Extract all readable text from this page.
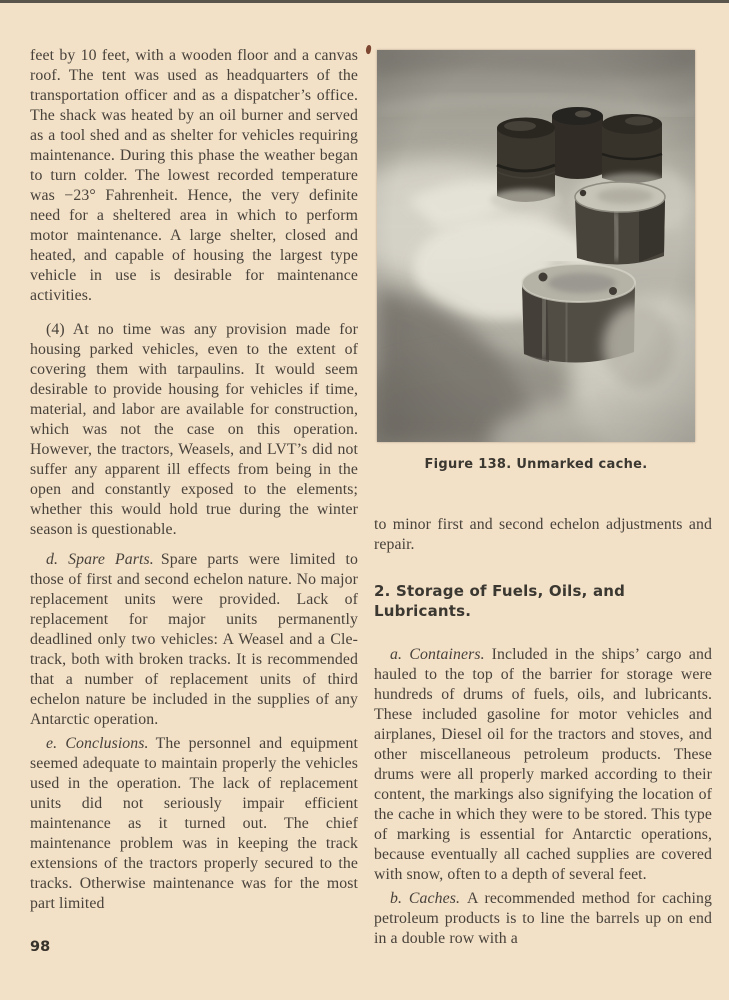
feet by 10 feet, with a wooden floor and a canvas roof. The tent was used as headquarters of the transportation officer and as a dispatcher’s office. The shack was heated by an oil burner and served as a tool shed and as shelter for vehicles requiring maintenance. During this phase the weather began to turn colder. The lowest recorded temperature was −23° Fahrenheit. Hence, the very definite need for a sheltered area in which to perform motor maintenance. A large shelter, closed and heated, and capable of housing the largest type vehicle in use is desirable for maintenance activities.

(4) At no time was any provision made for housing parked vehicles, even to the extent of covering them with tarpaulins. It would seem desirable to provide housing for vehicles if time, material, and labor are available for construction, which was not the case on this operation. However, the tractors, Weasels, and LVT’s did not suffer any apparent ill effects from being in the open and constantly exposed to the elements; whether this would hold true during the winter season is questionable.

d. Spare Parts. Spare parts were limited to those of first and second echelon nature. No major replacement units were provided. Lack of replacement for major units permanently deadlined only two vehicles: A Weasel and a Cle-track, both with broken tracks. It is recommended that a number of replacement units of third echelon nature be included in the supplies of any Antarctic operation.

e. Conclusions. The personnel and equipment seemed adequate to maintain properly the vehicles used in the operation. The lack of replacement units did not seriously impair efficient maintenance as it turned out. The chief maintenance problem was in keeping the track extensions of the tractors properly secured to the tracks. Otherwise maintenance was for the most part limited

Figure 138. Unmarked cache.

to minor first and second echelon adjustments and repair.

2. Storage of Fuels, Oils, and Lubricants.

a. Containers. Included in the ships’ cargo and hauled to the top of the barrier for storage were hundreds of drums of fuels, oils, and lubricants. These included gasoline for motor vehicles and airplanes, Diesel oil for the tractors and stoves, and other miscellaneous petroleum products. These drums were all properly marked according to their content, the markings also signifying the location of the cache in which they were to be stored. This type of marking is essential for Antarctic operations, because eventually all cached supplies are covered with snow, often to a depth of several feet.

b. Caches. A recommended method for caching petroleum products is to line the barrels up on end in a double row with a

98
